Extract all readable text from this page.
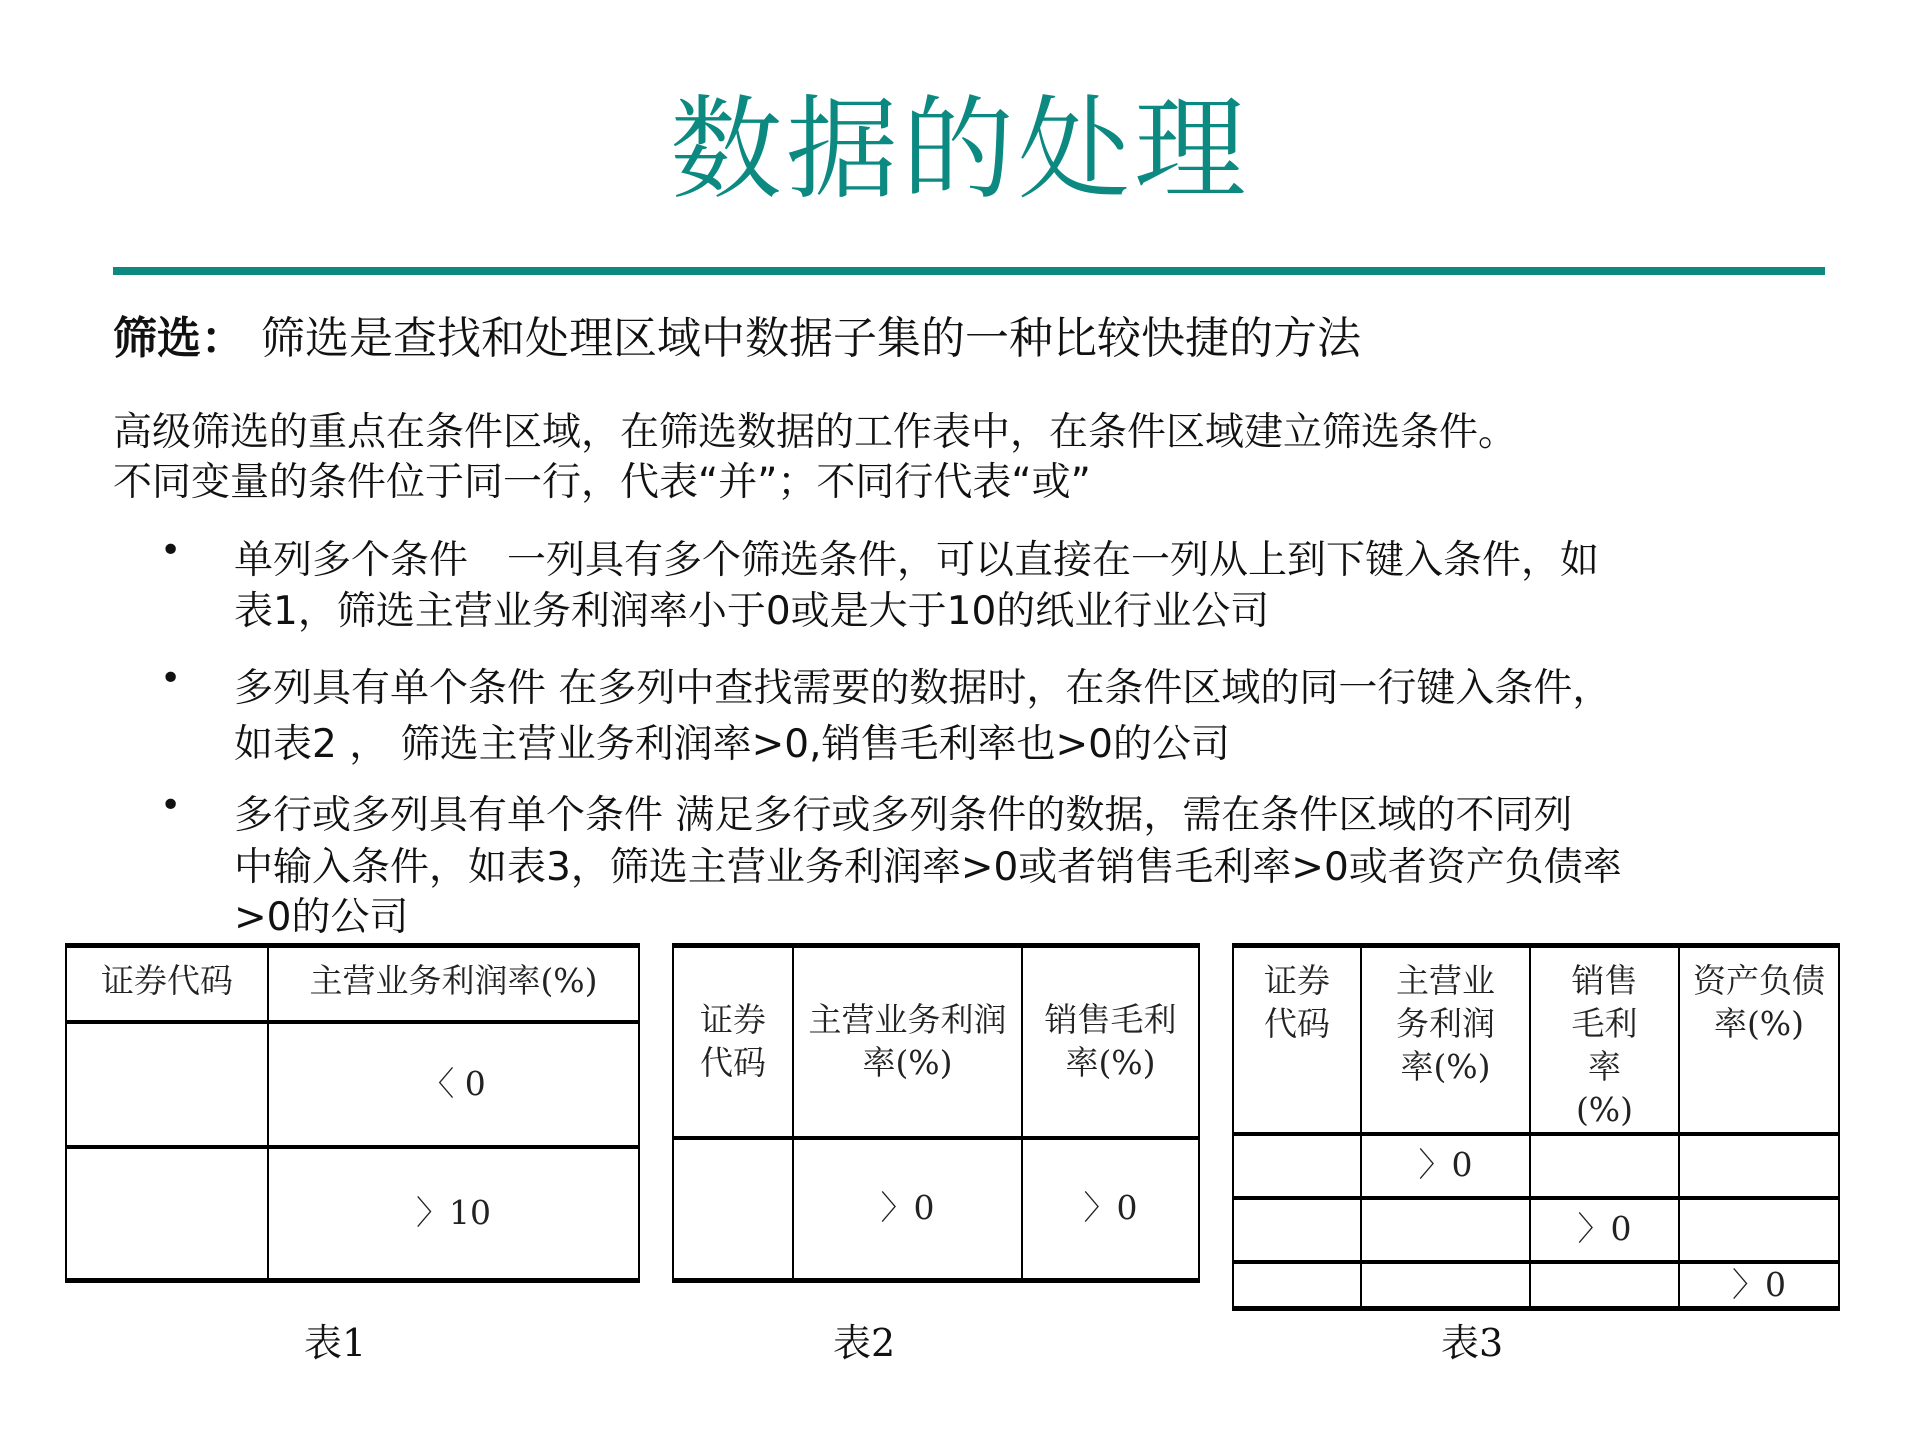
数据的处理
筛选： 筛选是查找和处理区域中数据子集的一种比较快捷的方法
高级筛选的重点在条件区域，在筛选数据的工作表中，在条件区域建立筛选条件。
不同变量的条件位于同一行，代表“并”；不同行代表“或”
• 单列多个条件　一列具有多个筛选条件，可以直接在一列从上到下键入条件，如
表1，筛选主营业务利润率小于0或是大于10的纸业行业公司
• 多列具有单个条件 在多列中查找需要的数据时，在条件区域的同一行键入条件，
如表2 ， 筛选主营业务利润率>0,销售毛利率也>0的公司
• 多行或多列具有单个条件 满足多行或多列条件的数据，需在条件区域的不同列
中输入条件，如表3，筛选主营业务利润率>0或者销售毛利率>0或者资产负债率
>0的公司
证券代码	主营业务利润率(%)
	〈 0
	〉10
证券代码	主营业务利润率(%)	销售毛利率(%)
	〉0	〉0
证券代码	主营业务利润率(%)	销售毛利率(%)	资产负债率(%)
	〉0		
		〉0	
			〉0
表1	表2	表3
